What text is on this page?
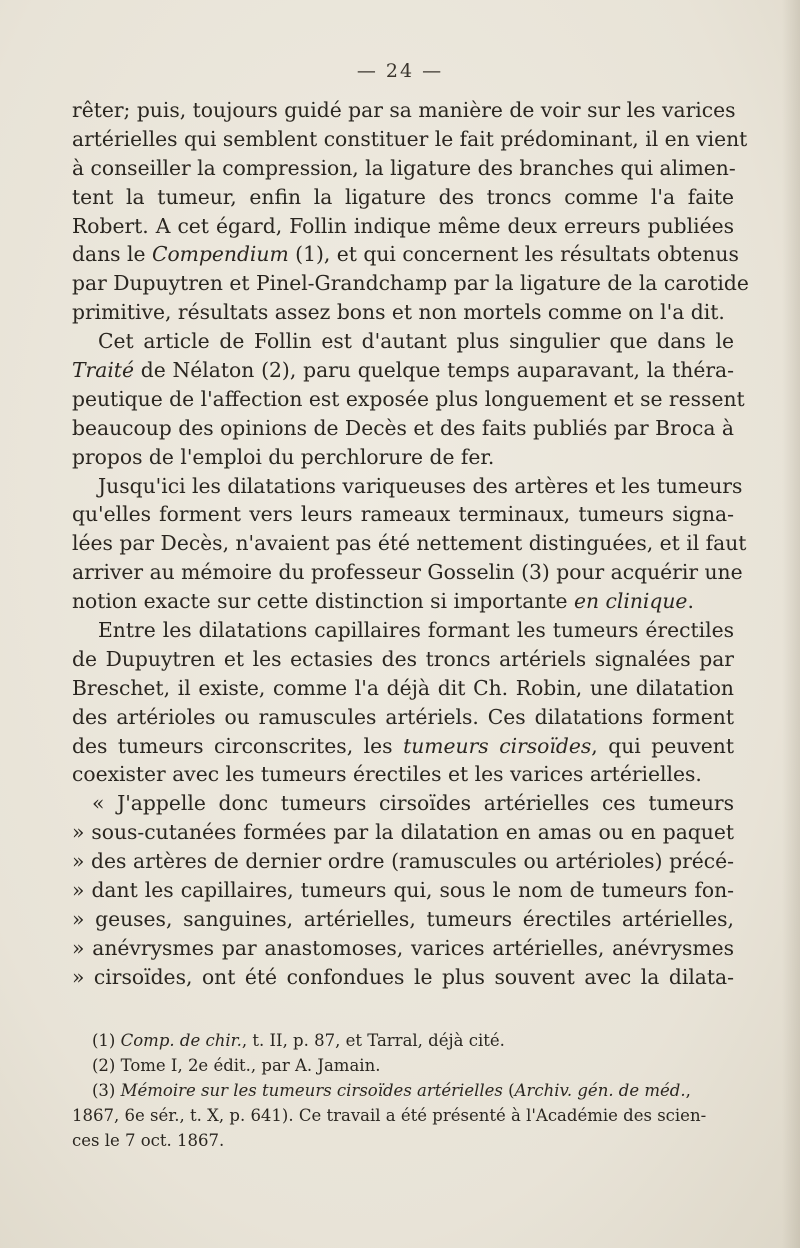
— 24 —
rêter; puis, toujours guidé par sa manière de voir sur les varices
artérielles qui semblent constituer le fait prédominant, il en vient
à conseiller la compression, la ligature des branches qui alimen-
tent la tumeur, enfin la ligature des troncs comme l'a faite
Robert. A cet égard, Follin indique même deux erreurs publiées
dans le Compendium (1), et qui concernent les résultats obtenus
par Dupuytren et Pinel-Grandchamp par la ligature de la carotide
primitive, résultats assez bons et non mortels comme on l'a dit.
Cet article de Follin est d'autant plus singulier que dans le
Traité de Nélaton (2), paru quelque temps auparavant, la théra-
peutique de l'affection est exposée plus longuement et se ressent
beaucoup des opinions de Decès et des faits publiés par Broca à
propos de l'emploi du perchlorure de fer.
Jusqu'ici les dilatations variqueuses des artères et les tumeurs
qu'elles forment vers leurs rameaux terminaux, tumeurs signa-
lées par Decès, n'avaient pas été nettement distinguées, et il faut
arriver au mémoire du professeur Gosselin (3) pour acquérir une
notion exacte sur cette distinction si importante en clinique.
Entre les dilatations capillaires formant les tumeurs érectiles
de Dupuytren et les ectasies des troncs artériels signalées par
Breschet, il existe, comme l'a déjà dit Ch. Robin, une dilatation
des artérioles ou ramuscules artériels. Ces dilatations forment
des tumeurs circonscrites, les tumeurs cirsoïdes, qui peuvent
coexister avec les tumeurs érectiles et les varices artérielles.
« J'appelle donc tumeurs cirsoïdes artérielles ces tumeurs
» sous-cutanées formées par la dilatation en amas ou en paquet
» des artères de dernier ordre (ramuscules ou artérioles) précé-
» dant les capillaires, tumeurs qui, sous le nom de tumeurs fon-
» geuses, sanguines, artérielles, tumeurs érectiles artérielles,
» anévrysmes par anastomoses, varices artérielles, anévrysmes
» cirsoïdes, ont été confondues le plus souvent avec la dilata-
(1) Comp. de chir., t. II, p. 87, et Tarral, déjà cité.
(2) Tome I, 2e édit., par A. Jamain.
(3) Mémoire sur les tumeurs cirsoïdes artérielles (Archiv. gén. de méd.,
1867, 6e sér., t. X, p. 641). Ce travail a été présenté à l'Académie des scien-
ces le 7 oct. 1867.
